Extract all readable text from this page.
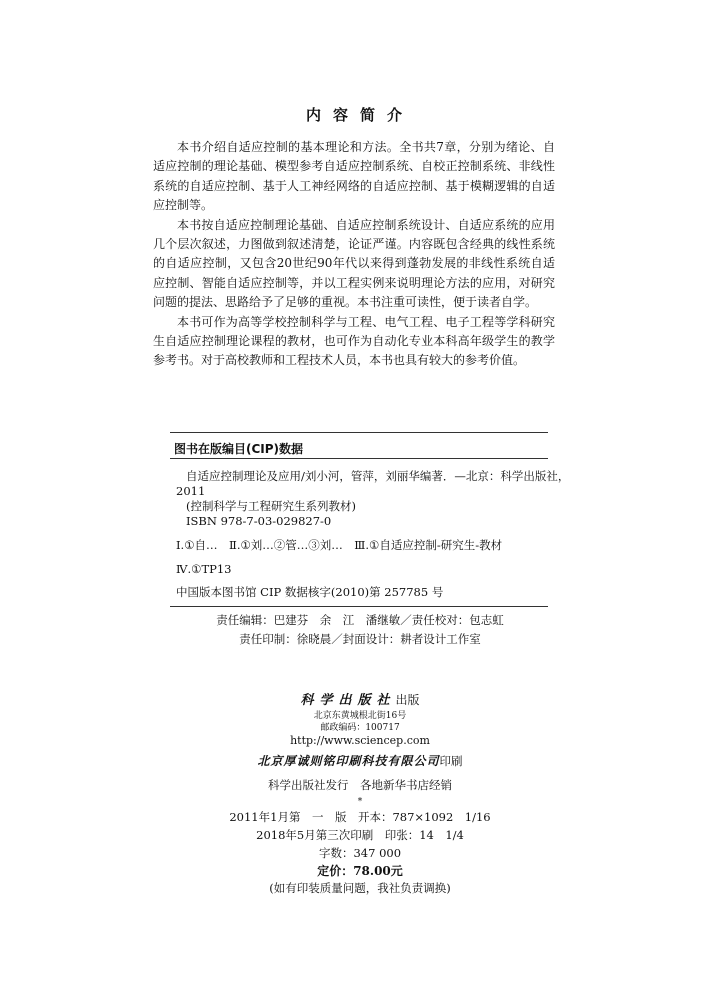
内容简介

本书介绍自适应控制的基本理论和方法。全书共7章，分别为绪论、自适应控制的理论基础、模型参考自适应控制系统、自校正控制系统、非线性系统的自适应控制、基于人工神经网络的自适应控制、基于模糊逻辑的自适应控制等。

本书按自适应控制理论基础、自适应控制系统设计、自适应系统的应用几个层次叙述，力图做到叙述清楚，论证严谨。内容既包含经典的线性系统的自适应控制，又包含20世纪90年代以来得到蓬勃发展的非线性系统自适应控制、智能自适应控制等，并以工程实例来说明理论方法的应用，对研究问题的提法、思路给予了足够的重视。本书注重可读性，便于读者自学。

本书可作为高等学校控制科学与工程、电气工程、电子工程等学科研究生自适应控制理论课程的教材，也可作为自动化专业本科高年级学生的教学参考书。对于高校教师和工程技术人员，本书也具有较大的参考价值。

图书在版编目(CIP)数据
自适应控制理论及应用/刘小河，管萍，刘丽华编著．—北京：科学出版社，
2011
(控制科学与工程研究生系列教材)
ISBN 978-7-03-029827-0
Ⅰ.①自…　Ⅱ.①刘…②管…③刘…　Ⅲ.①自适应控制-研究生-教材
Ⅳ.①TP13
中国版本图书馆 CIP 数据核字(2010)第 257785 号
责任编辑：巴建芬　余　江　潘继敏／责任校对：包志虹
责任印制：徐晓晨／封面设计：耕者设计工作室
科学出版社出版
北京东黄城根北街16号
邮政编码：100717
http://www.sciencep.com
北京厚诚则铭印刷科技有限公司印刷
科学出版社发行　各地新华书店经销
*
2011年1月第　一　版　开本：787×1092　1/16
2018年5月第三次印刷　印张：14　1/4
字数：347 000
定价：78.00元
(如有印装质量问题，我社负责调换)
